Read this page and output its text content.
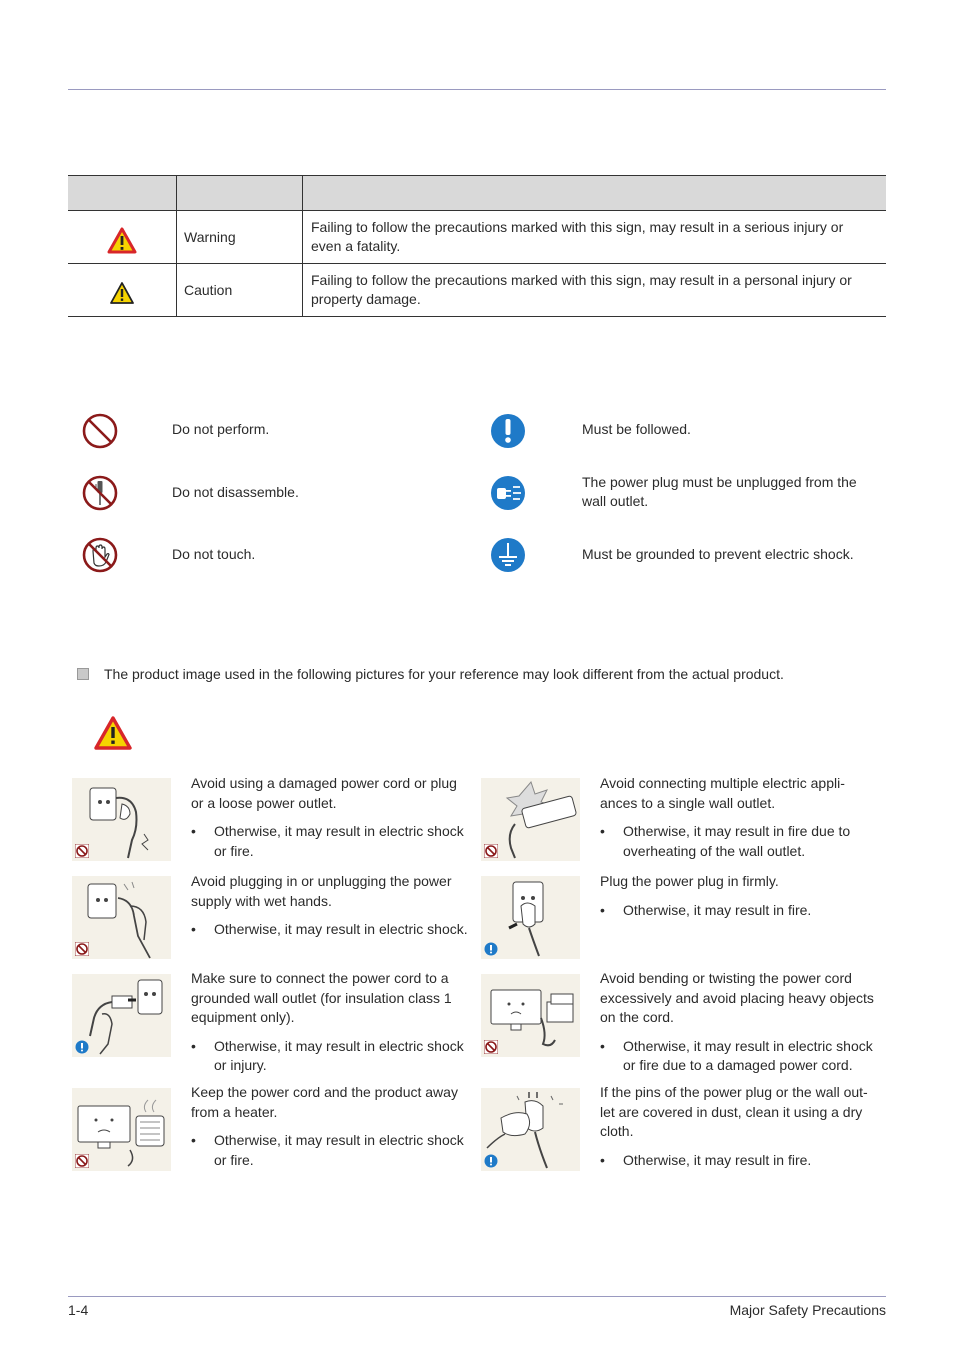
	Warning	Failing to follow the precautions marked with this sign, may result in a serious injury or even a fatality.

	Caution	Failing to follow the precautions marked with this sign, may result in a personal injury or property damage.
Do not perform.
Do not disassemble.
Do not touch.
Must be followed.
The power plug must be unplugged from the wall outlet.
Must be grounded to prevent electric shock.
The product image used in the following pictures for your reference may look different from the actual product.

Avoid using a damaged power cord or plug or a loose power outlet.

• Otherwise, it may result in electric shock or fire.

Avoid connecting multiple electric appli-ances to a single wall outlet.

• Otherwise, it may result in fire due to overheating of the wall outlet.

Avoid plugging in or unplugging the power supply with wet hands.

• Otherwise, it may result in electric shock.

Plug the power plug in firmly.

• Otherwise, it may result in fire.

Make sure to connect the power cord to a grounded wall outlet (for insulation class 1 equipment only).

• Otherwise, it may result in electric shock or injury.

Avoid bending or twisting the power cord excessively and avoid placing heavy objects on the cord.

• Otherwise, it may result in electric shock or fire due to a damaged power cord.

Keep the power cord and the product away from a heater.

• Otherwise, it may result in electric shock or fire.

If the pins of the power plug or the wall out-let are covered in dust, clean it using a dry cloth.

• Otherwise, it may result in fire.

1-4	Major Safety Precautions
